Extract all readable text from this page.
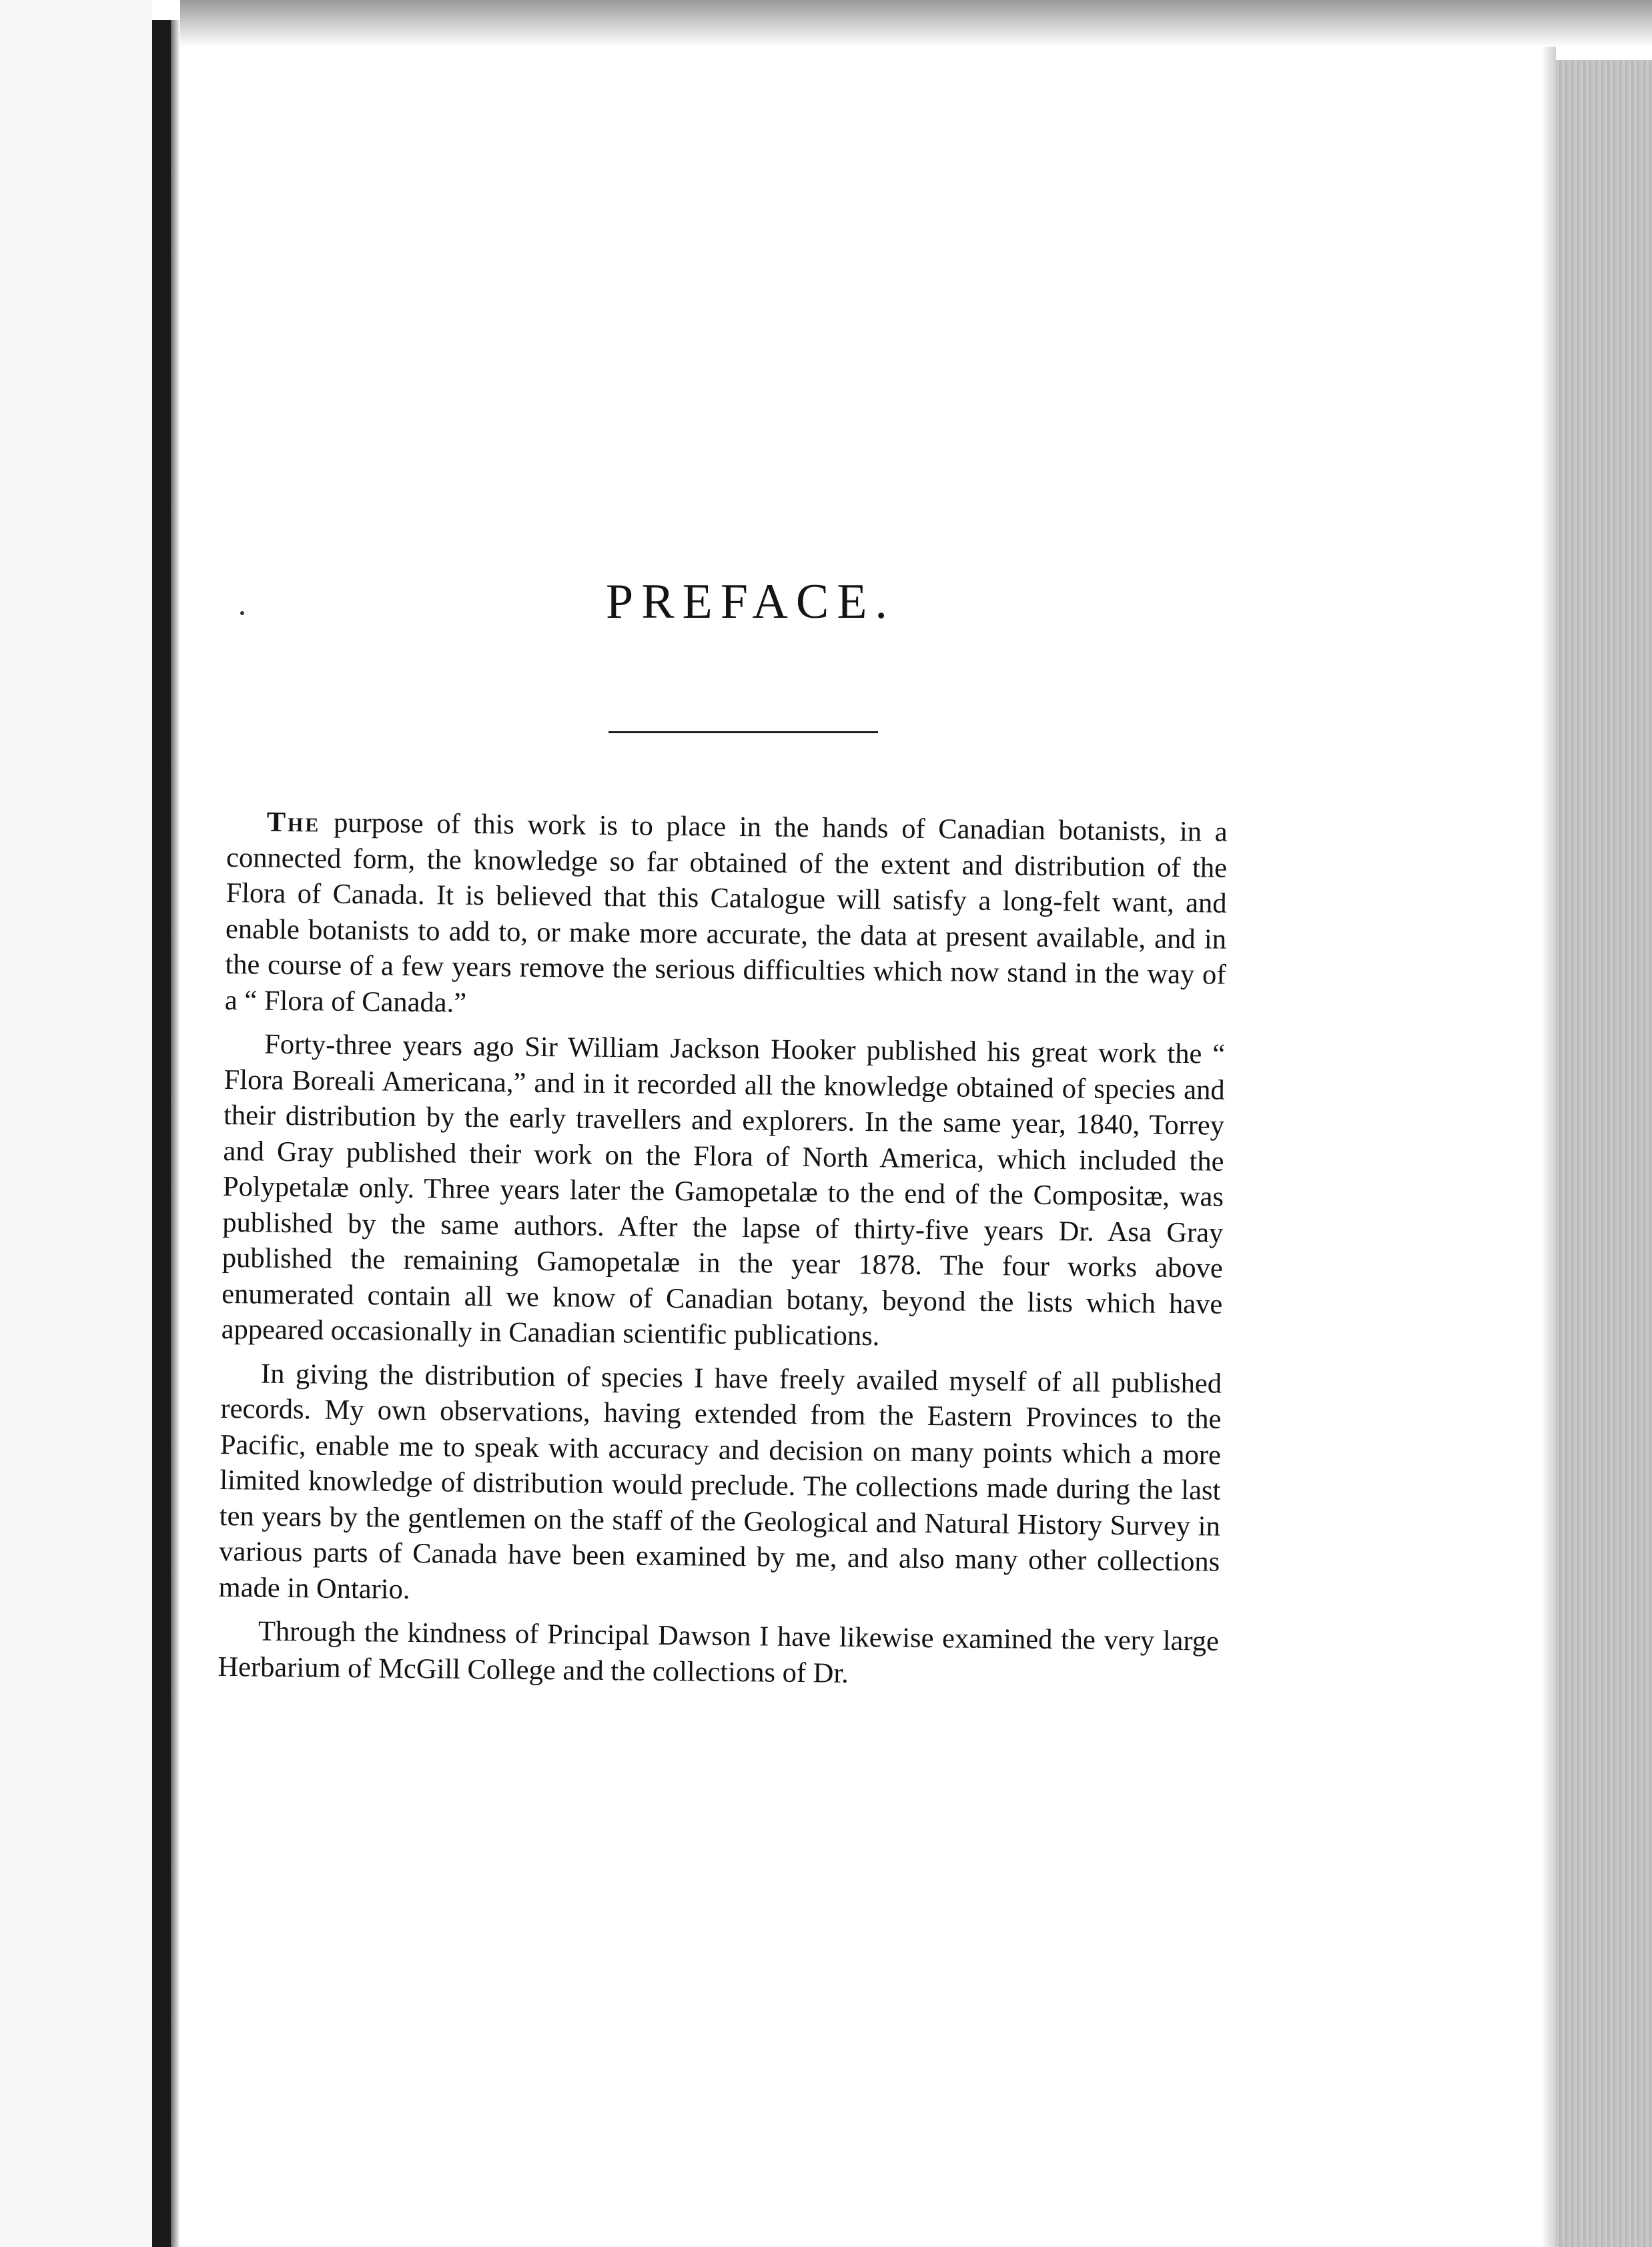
PREFACE.

The purpose of this work is to place in the hands of Canadian botanists, in a connected form, the knowledge so far obtained of the extent and distribution of the Flora of Canada. It is believed that this Catalogue will satisfy a long-felt want, and enable botanists to add to, or make more accurate, the data at present available, and in the course of a few years remove the serious difficulties which now stand in the way of a “ Flora of Canada.”

Forty-three years ago Sir William Jackson Hooker published his great work the “ Flora Boreali Americana,” and in it recorded all the knowledge obtained of species and their distribution by the early travellers and explorers. In the same year, 1840, Torrey and Gray published their work on the Flora of North America, which included the Polypetalæ only. Three years later the Gamopetalæ to the end of the Compositæ, was published by the same authors. After the lapse of thirty-five years Dr. Asa Gray published the remaining Gamopetalæ in the year 1878. The four works above enumerated contain all we know of Canadian botany, beyond the lists which have appeared occasionally in Canadian scientific publications.

In giving the distribution of species I have freely availed myself of all published records. My own observations, having extended from the Eastern Provinces to the Pacific, enable me to speak with accuracy and decision on many points which a more limited knowledge of distribution would preclude. The collections made during the last ten years by the gentlemen on the staff of the Geological and Natural History Survey in various parts of Canada have been examined by me, and also many other collections made in Ontario.

Through the kindness of Principal Dawson I have likewise examined the very large Herbarium of McGill College and the collections of Dr.
